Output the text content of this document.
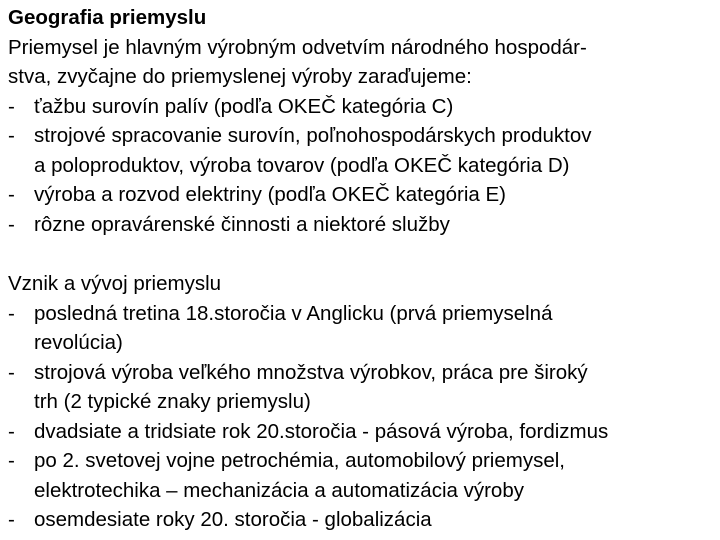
Geografia priemyslu
Priemysel je hlavným výrobným odvetvím národného hospodár-
stva, zvyčajne do priemyslenej výroby zaraďujeme:
- ťažbu surovín palív (podľa OKEČ kategória C)
- strojové spracovanie surovín, poľnohospodárskych produktov
a poloproduktov, výroba tovarov (podľa OKEČ kategória D)
- výroba a rozvod elektriny (podľa OKEČ kategória E)
- rôzne opravárenské činnosti a niektoré služby
Vznik a vývoj priemyslu
- posledná tretina 18.storočia v Anglicku (prvá priemyselná
revolúcia)
- strojová výroba veľkého množstva výrobkov, práca pre široký
trh (2 typické znaky priemyslu)
- dvadsiate a tridsiate rok 20.storočia - pásová výroba, fordizmus
- po 2. svetovej vojne petrochémia, automobilový priemysel,
elektrotechika – mechanizácia a automatizácia výroby
- osemdesiate roky 20. storočia - globalizácia
